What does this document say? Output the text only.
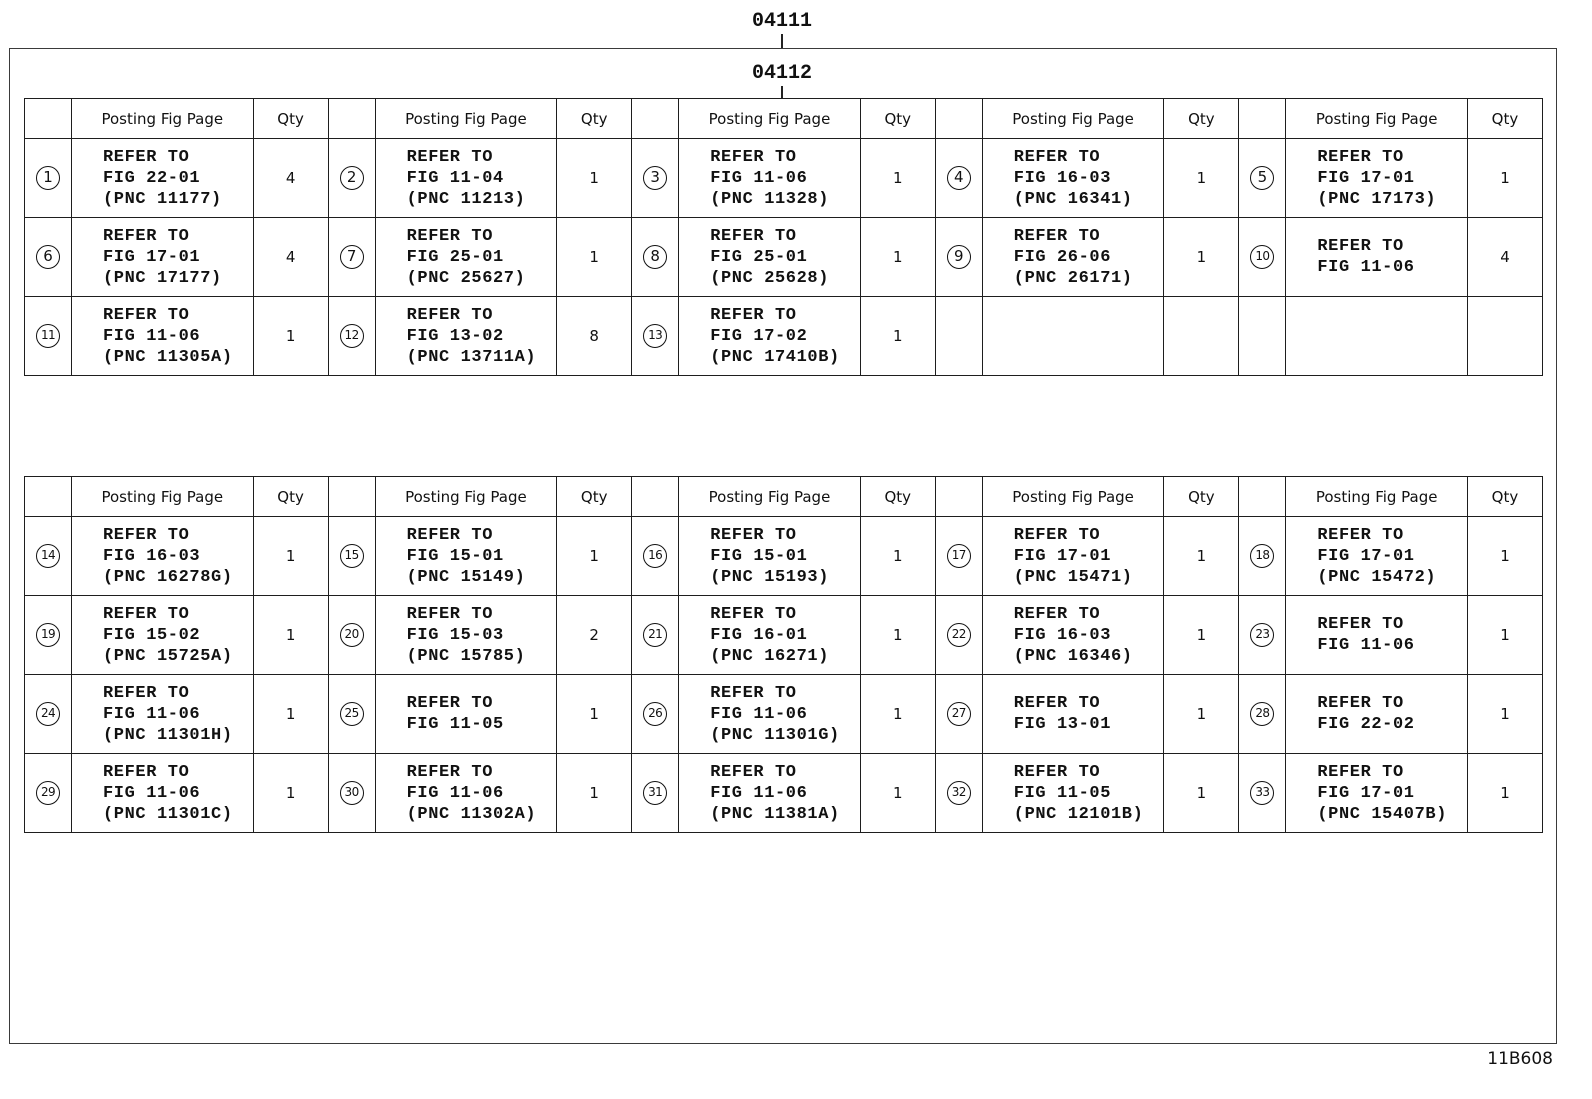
04111
04112
	Posting Fig Page	Qty		Posting Fig Page	Qty		Posting Fig Page	Qty		Posting Fig Page	Qty		Posting Fig Page	Qty
1	REFER TO
FIG 22-01
(PNC 11177)	4	2	REFER TO
FIG 11-04
(PNC 11213)	1	3	REFER TO
FIG 11-06
(PNC 11328)	1	4	REFER TO
FIG 16-03
(PNC 16341)	1	5	REFER TO
FIG 17-01
(PNC 17173)	1
6	REFER TO
FIG 17-01
(PNC 17177)	4	7	REFER TO
FIG 25-01
(PNC 25627)	1	8	REFER TO
FIG 25-01
(PNC 25628)	1	9	REFER TO
FIG 26-06
(PNC 26171)	1	10	REFER TO
FIG 11-06	4
11	REFER TO
FIG 11-06
(PNC 11305A)	1	12	REFER TO
FIG 13-02
(PNC 13711A)	8	13	REFER TO
FIG 17-02
(PNC 17410B)	1						
	Posting Fig Page	Qty		Posting Fig Page	Qty		Posting Fig Page	Qty		Posting Fig Page	Qty		Posting Fig Page	Qty
14	REFER TO
FIG 16-03
(PNC 16278G)	1	15	REFER TO
FIG 15-01
(PNC 15149)	1	16	REFER TO
FIG 15-01
(PNC 15193)	1	17	REFER TO
FIG 17-01
(PNC 15471)	1	18	REFER TO
FIG 17-01
(PNC 15472)	1
19	REFER TO
FIG 15-02
(PNC 15725A)	1	20	REFER TO
FIG 15-03
(PNC 15785)	2	21	REFER TO
FIG 16-01
(PNC 16271)	1	22	REFER TO
FIG 16-03
(PNC 16346)	1	23	REFER TO
FIG 11-06	1
24	REFER TO
FIG 11-06
(PNC 11301H)	1	25	REFER TO
FIG 11-05	1	26	REFER TO
FIG 11-06
(PNC 11301G)	1	27	REFER TO
FIG 13-01	1	28	REFER TO
FIG 22-02	1
29	REFER TO
FIG 11-06
(PNC 11301C)	1	30	REFER TO
FIG 11-06
(PNC 11302A)	1	31	REFER TO
FIG 11-06
(PNC 11381A)	1	32	REFER TO
FIG 11-05
(PNC 12101B)	1	33	REFER TO
FIG 17-01
(PNC 15407B)	1
11B608
